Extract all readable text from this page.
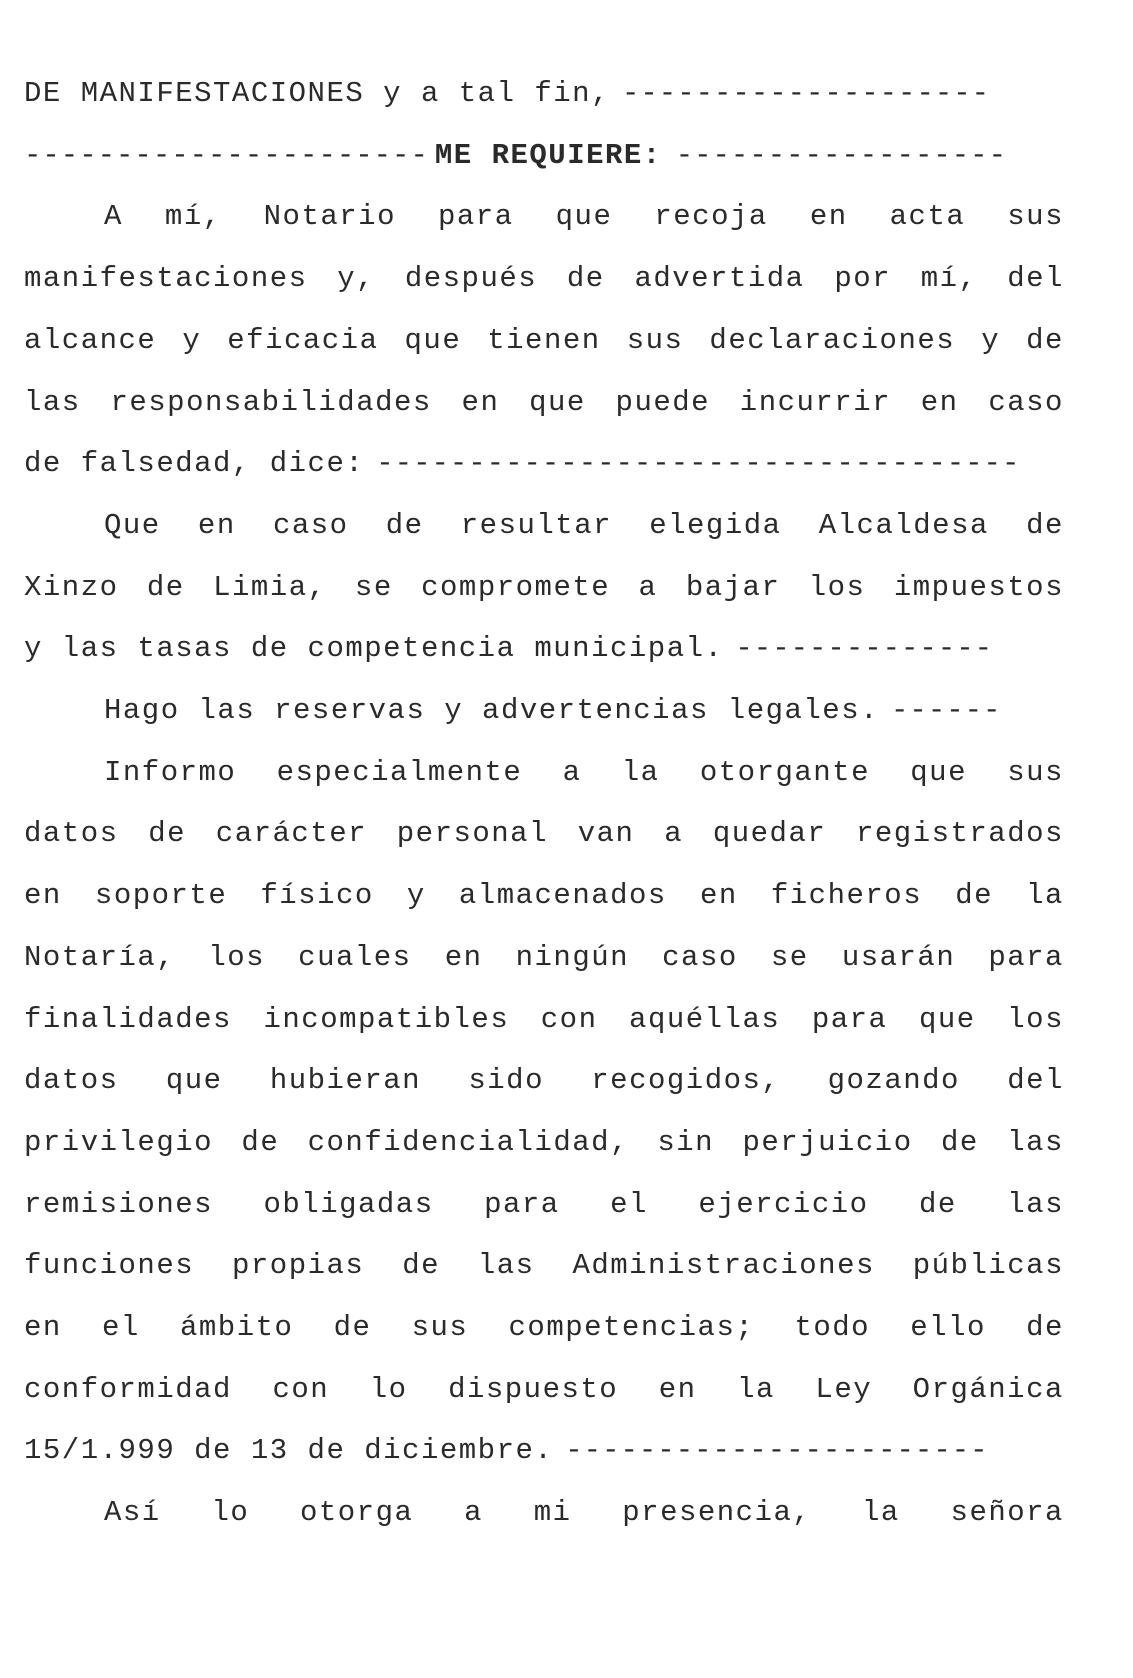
DE MANIFESTACIONES y a tal fin, --------------------
---------------------- ME REQUIERE: ------------------
A mí, Notario para que recoja en acta sus
manifestaciones y, después de advertida por mí, del
alcance y eficacia que tienen sus declaraciones y de
las responsabilidades en que puede incurrir en caso
de falsedad, dice: -----------------------------------
Que en caso de resultar elegida Alcaldesa de
Xinzo de Limia, se compromete a bajar los impuestos
y las tasas de competencia municipal. --------------
Hago las reservas y advertencias legales. ------
Informo especialmente a la otorgante que sus
datos de carácter personal van a quedar registrados
en soporte físico y almacenados en ficheros de la
Notaría, los cuales en ningún caso se usarán para
finalidades incompatibles con aquéllas para que los
datos que hubieran sido recogidos, gozando del
privilegio de confidencialidad, sin perjuicio de las
remisiones obligadas para el ejercicio de las
funciones propias de las Administraciones públicas
en el ámbito de sus competencias; todo ello de
conformidad con lo dispuesto en la Ley Orgánica
15/1.999 de 13 de diciembre. -----------------------
Así lo otorga a mi presencia, la señora
